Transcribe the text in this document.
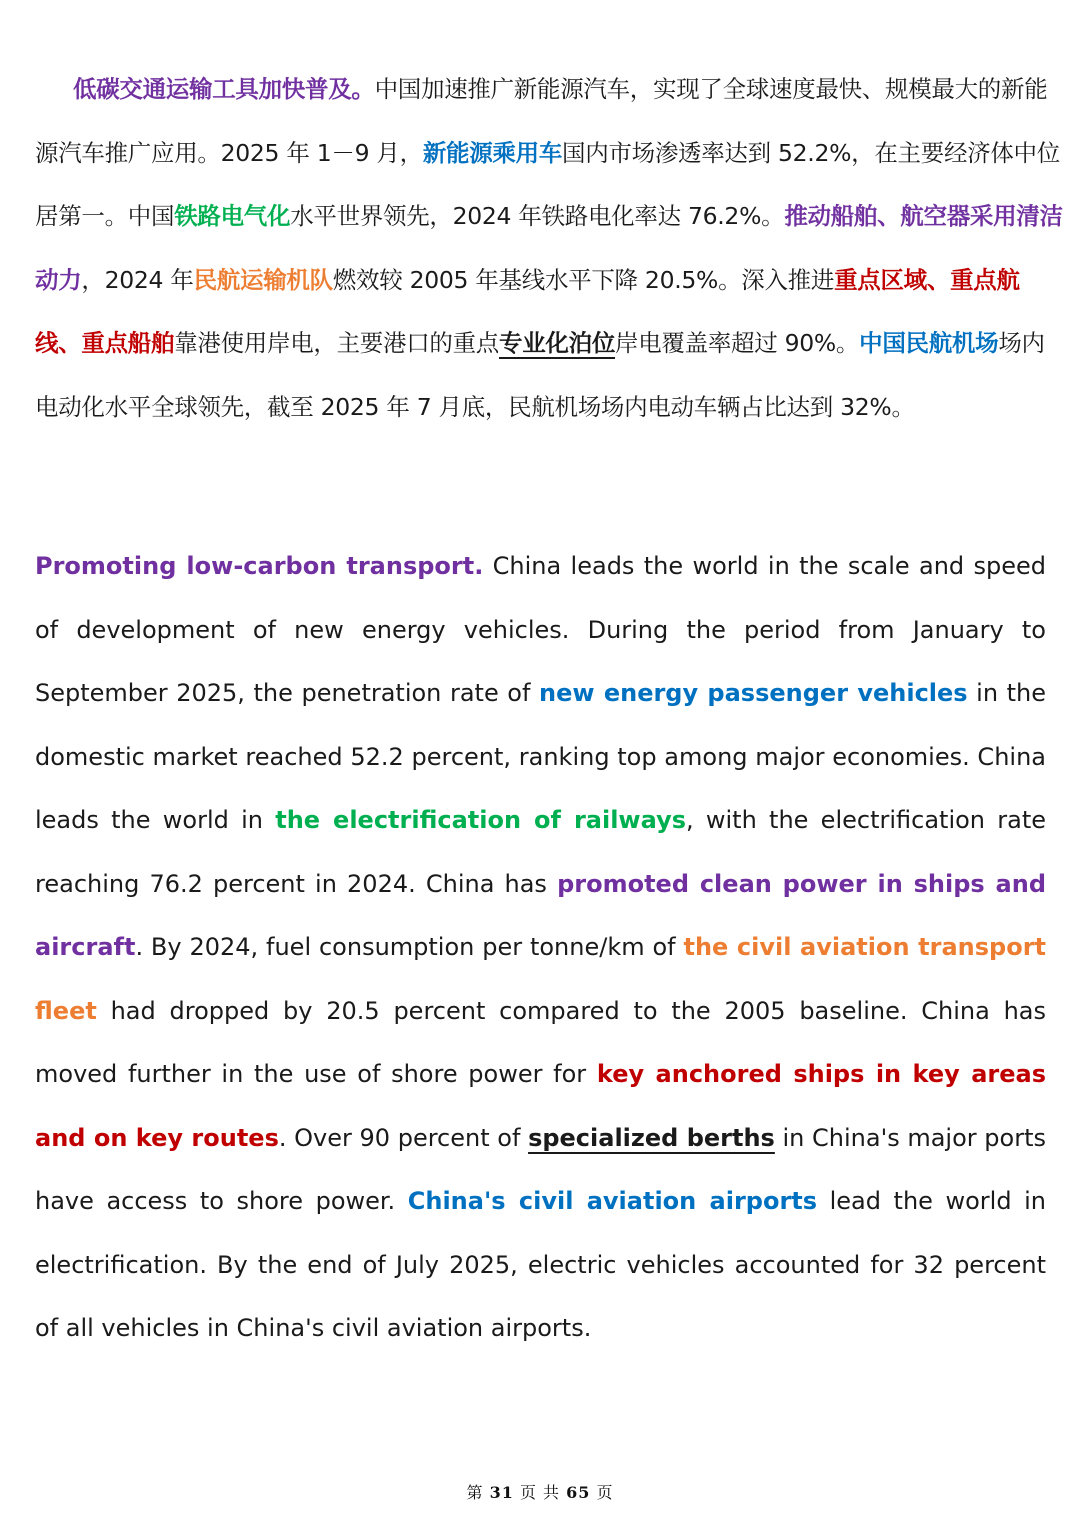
低碳交通运输工具加快普及。中国加速推广新能源汽车，实现了全球速度最快、规模最大的新能源汽车推广应用。2025 年 1－9 月，新能源乘用车国内市场渗透率达到 52.2%，在主要经济体中位居第一。中国铁路电气化水平世界领先，2024 年铁路电化率达 76.2%。推动船舶、航空器采用清洁动力，2024 年民航运输机队燃效较 2005 年基线水平下降 20.5%。深入推进重点区域、重点航线、重点船舶靠港使用岸电，主要港口的重点专业化泊位岸电覆盖率超过 90%。中国民航机场场内电动化水平全球领先，截至 2025 年 7 月底，民航机场场内电动车辆占比达到 32%。

Promoting low-carbon transport. China leads the world in the scale and speed of development of new energy vehicles. During the period from January to September 2025, the penetration rate of new energy passenger vehicles in the domestic market reached 52.2 percent, ranking top among major economies. China leads the world in the electrification of railways, with the electrification rate reaching 76.2 percent in 2024. China has promoted clean power in ships and aircraft. By 2024, fuel consumption per tonne/km of the civil aviation transport fleet had dropped by 20.5 percent compared to the 2005 baseline. China has moved further in the use of shore power for key anchored ships in key areas and on key routes. Over 90 percent of specialized berths in China's major ports have access to shore power. China's civil aviation airports lead the world in electrification. By the end of July 2025, electric vehicles accounted for 32 percent of all vehicles in China's civil aviation airports.

第 31 页 共 65 页
